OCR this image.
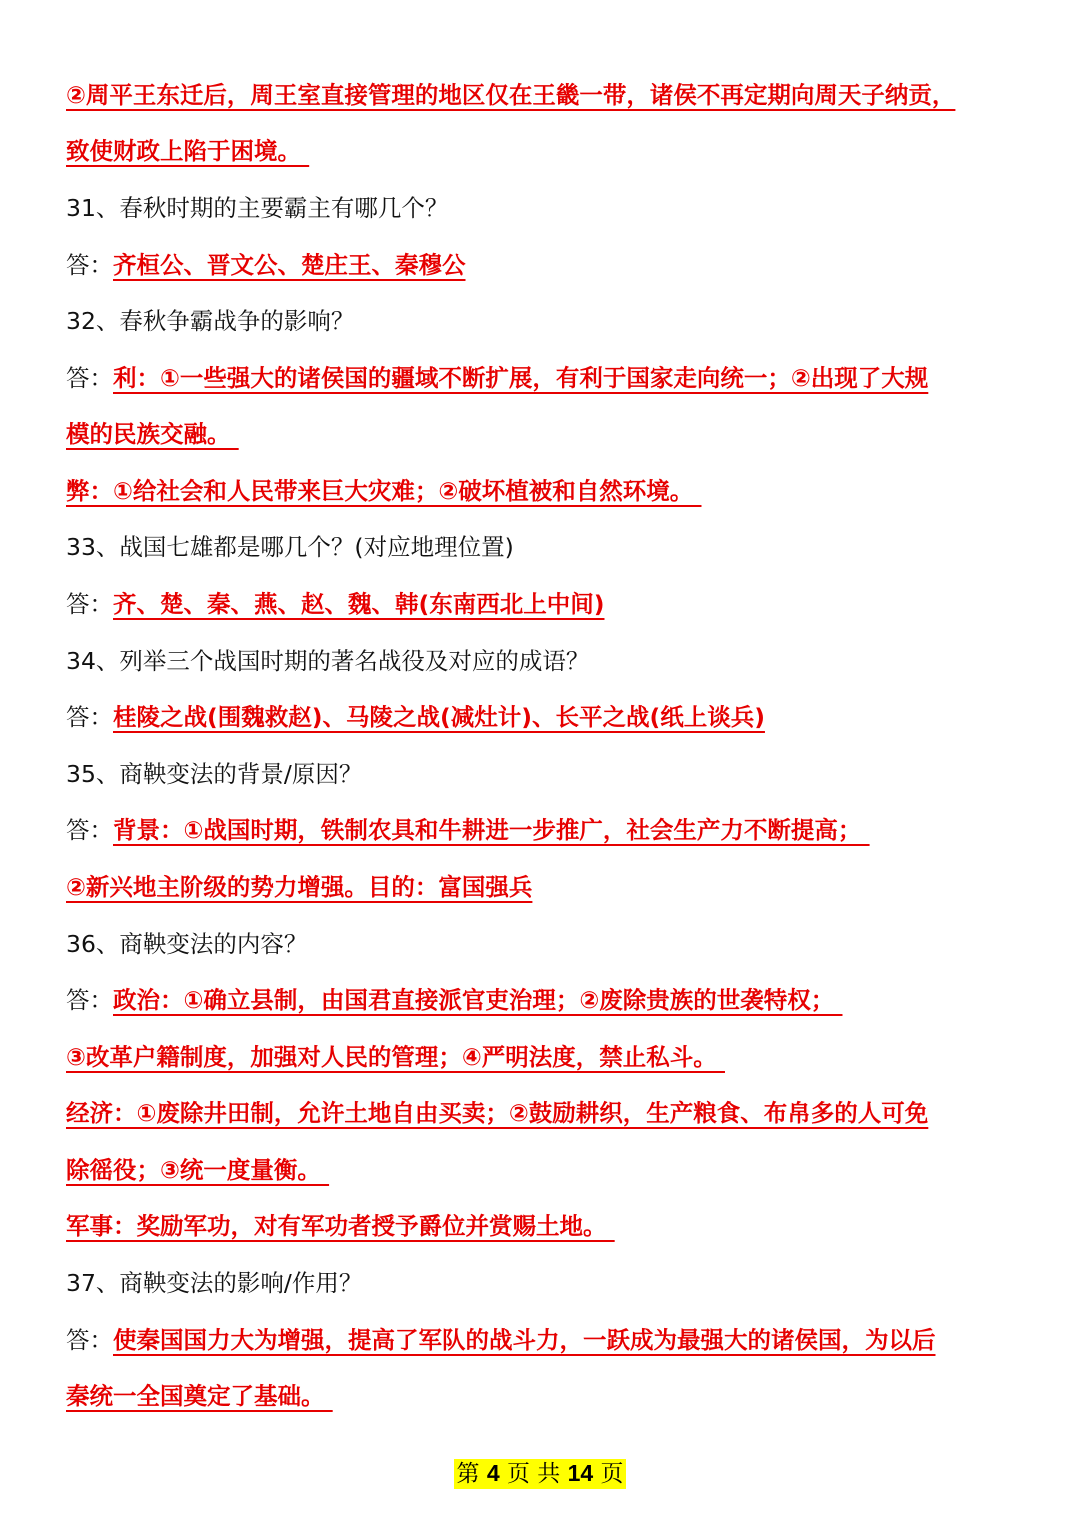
②周平王东迁后，周王室直接管理的地区仅在王畿一带，诸侯不再定期向周天子纳贡，
致使财政上陷于困境。
31、春秋时期的主要霸主有哪几个？
答：齐桓公、晋文公、楚庄王、秦穆公
32、春秋争霸战争的影响？
答：利：①一些强大的诸侯国的疆域不断扩展，有利于国家走向统一；②出现了大规
模的民族交融。
弊：①给社会和人民带来巨大灾难；②破坏植被和自然环境。
33、战国七雄都是哪几个？(对应地理位置)
答：齐、楚、秦、燕、赵、魏、韩(东南西北上中间)
34、列举三个战国时期的著名战役及对应的成语？
答：桂陵之战(围魏救赵)、马陵之战(减灶计)、长平之战(纸上谈兵)
35、商鞅变法的背景/原因？
答：背景：①战国时期，铁制农具和牛耕进一步推广，社会生产力不断提高；
②新兴地主阶级的势力增强。目的：富国强兵
36、商鞅变法的内容？
答：政治：①确立县制，由国君直接派官吏治理；②废除贵族的世袭特权；
③改革户籍制度，加强对人民的管理；④严明法度，禁止私斗。
经济：①废除井田制，允许土地自由买卖；②鼓励耕织，生产粮食、布帛多的人可免
除徭役；③统一度量衡。
军事：奖励军功，对有军功者授予爵位并赏赐土地。
37、商鞅变法的影响/作用？
答：使秦国国力大为增强，提高了军队的战斗力，一跃成为最强大的诸侯国，为以后
秦统一全国奠定了基础。
第 4 页 共 14 页
